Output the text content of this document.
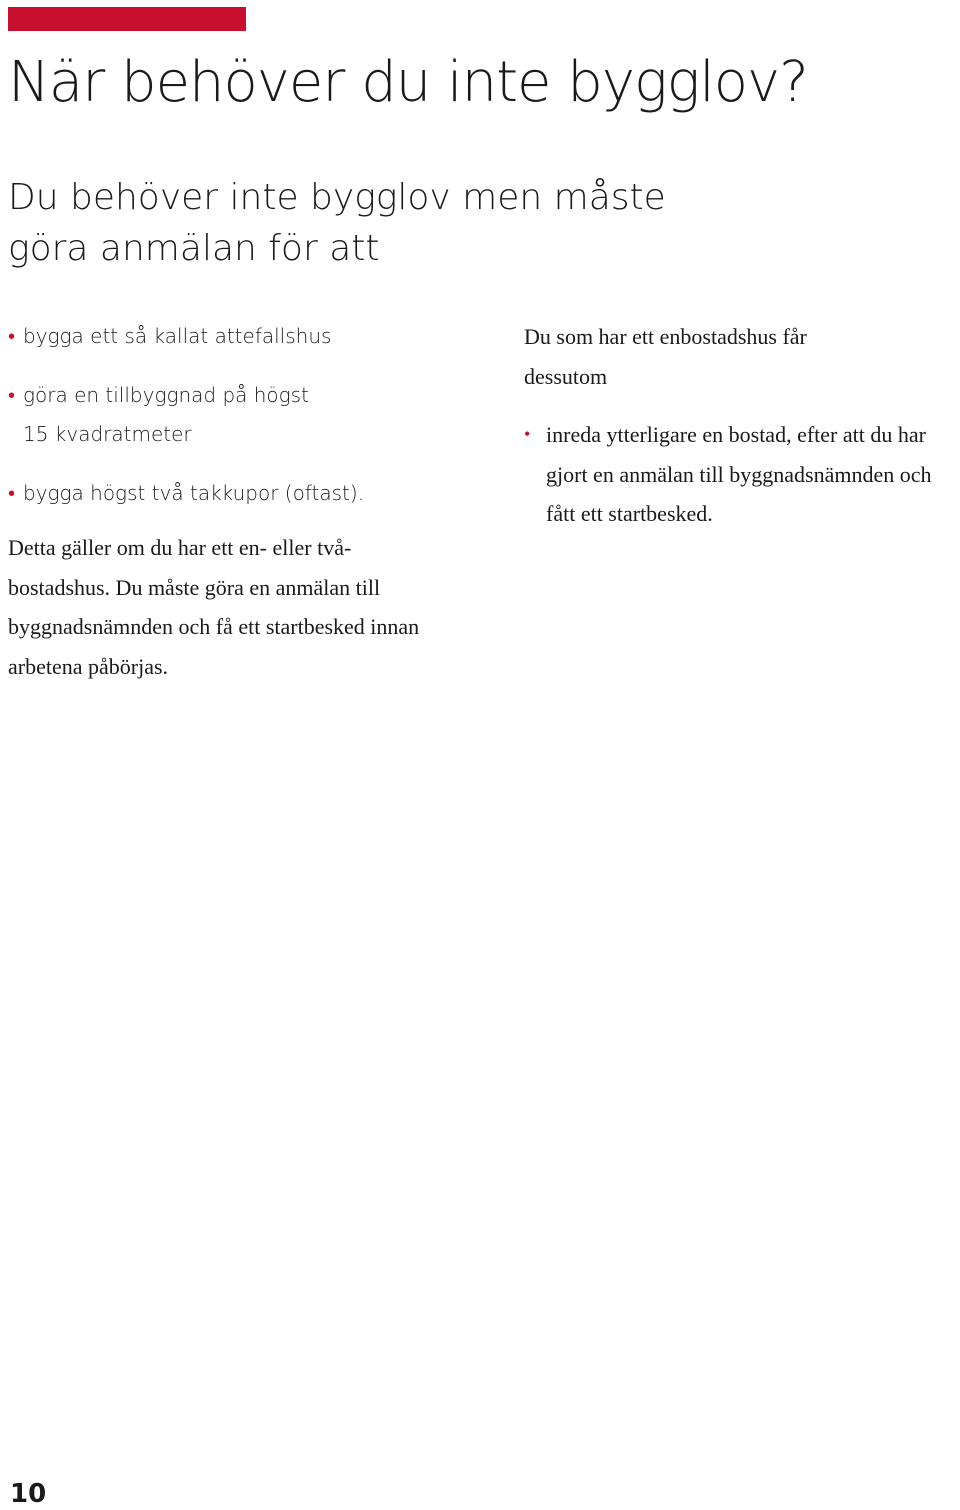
När behöver du inte bygglov?
Du behöver inte bygglov men måste göra anmälan för att
• bygga ett så kallat attefallshus
• göra en tillbyggnad på högst 15 kvadratmeter
• bygga högst två takkupor (oftast).

Detta gäller om du har ett en- eller två-bostadshus. Du måste göra en anmälan till byggnadsnämnden och få ett startbesked innan arbetena påbörjas.

Du som har ett enbostadshus får dessutom

• inreda ytterligare en bostad, efter att du har gjort en anmälan till byggnadsnämnden och fått ett startbesked.
10
